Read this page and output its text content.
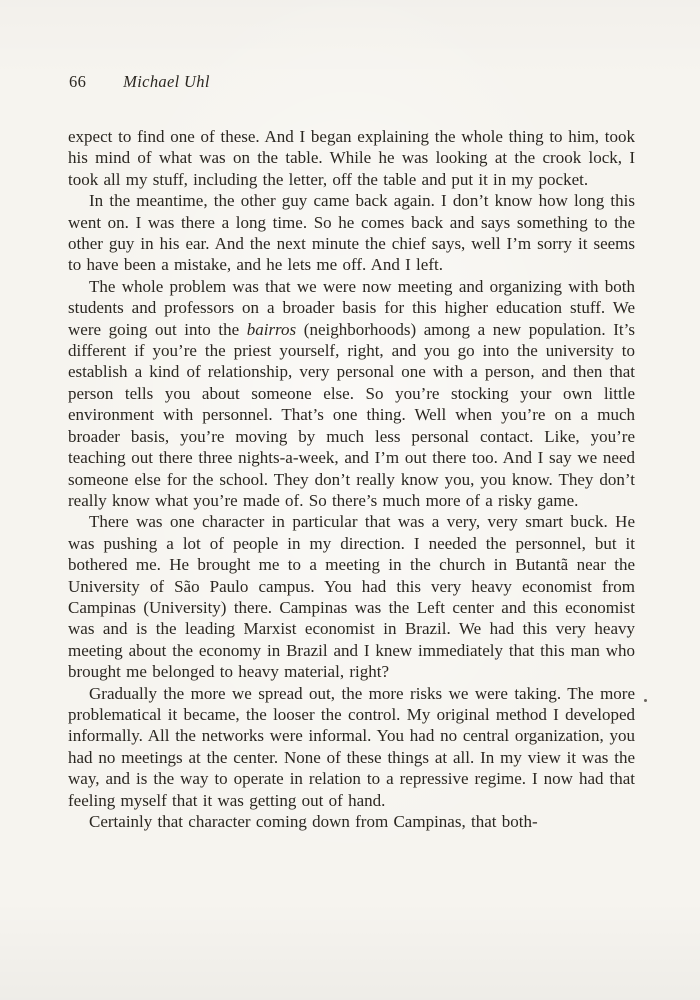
66 Michael Uhl

expect to find one of these. And I began explaining the whole thing to him, took his mind of what was on the table. While he was looking at the crook lock, I took all my stuff, including the letter, off the table and put it in my pocket.

In the meantime, the other guy came back again. I don’t know how long this went on. I was there a long time. So he comes back and says something to the other guy in his ear. And the next minute the chief says, well I’m sorry it seems to have been a mistake, and he lets me off. And I left.

The whole problem was that we were now meeting and organizing with both students and professors on a broader basis for this higher education stuff. We were going out into the bairros (neighborhoods) among a new population. It’s different if you’re the priest yourself, right, and you go into the university to establish a kind of relationship, very personal one with a person, and then that person tells you about someone else. So you’re stocking your own little environment with personnel. That’s one thing. Well when you’re on a much broader basis, you’re moving by much less personal contact. Like, you’re teaching out there three nights-a-week, and I’m out there too. And I say we need someone else for the school. They don’t really know you, you know. They don’t really know what you’re made of. So there’s much more of a risky game.

There was one character in particular that was a very, very smart buck. He was pushing a lot of people in my direction. I needed the personnel, but it bothered me. He brought me to a meeting in the church in Butantã near the University of São Paulo campus. You had this very heavy economist from Campinas (University) there. Campinas was the Left center and this economist was and is the leading Marxist economist in Brazil. We had this very heavy meeting about the economy in Brazil and I knew immediately that this man who brought me belonged to heavy material, right?

Gradually the more we spread out, the more risks we were taking. The more problematical it became, the looser the control. My original method I developed informally. All the networks were informal. You had no central organization, you had no meetings at the center. None of these things at all. In my view it was the way, and is the way to operate in relation to a repressive regime. I now had that feeling myself that it was getting out of hand.

Certainly that character coming down from Campinas, that both-
